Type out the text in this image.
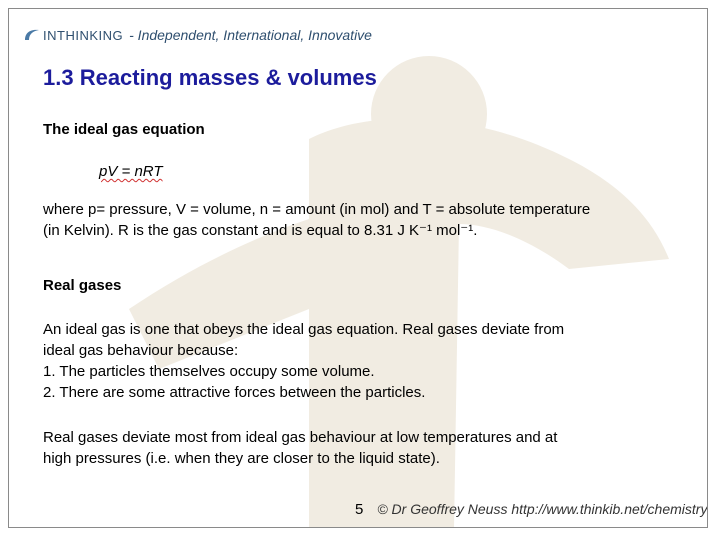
INTHINKING - Independent, International, Innovative
1.3 Reacting masses & volumes
The ideal gas equation
pV = nRT
where p= pressure, V = volume, n = amount (in mol) and T = absolute temperature
(in Kelvin). R is the gas constant and is equal to 8.31 J K⁻¹ mol⁻¹.
Real gases
An ideal gas is one that obeys the ideal gas equation. Real gases deviate from
ideal gas behaviour because:
1. The particles themselves occupy some volume.
2. There are some attractive forces between the particles.
Real gases deviate most from ideal gas behaviour at low temperatures and at
high pressures (i.e. when they are closer to the liquid state).
5 © Dr Geoffrey Neuss http://www.thinkib.net/chemistry
